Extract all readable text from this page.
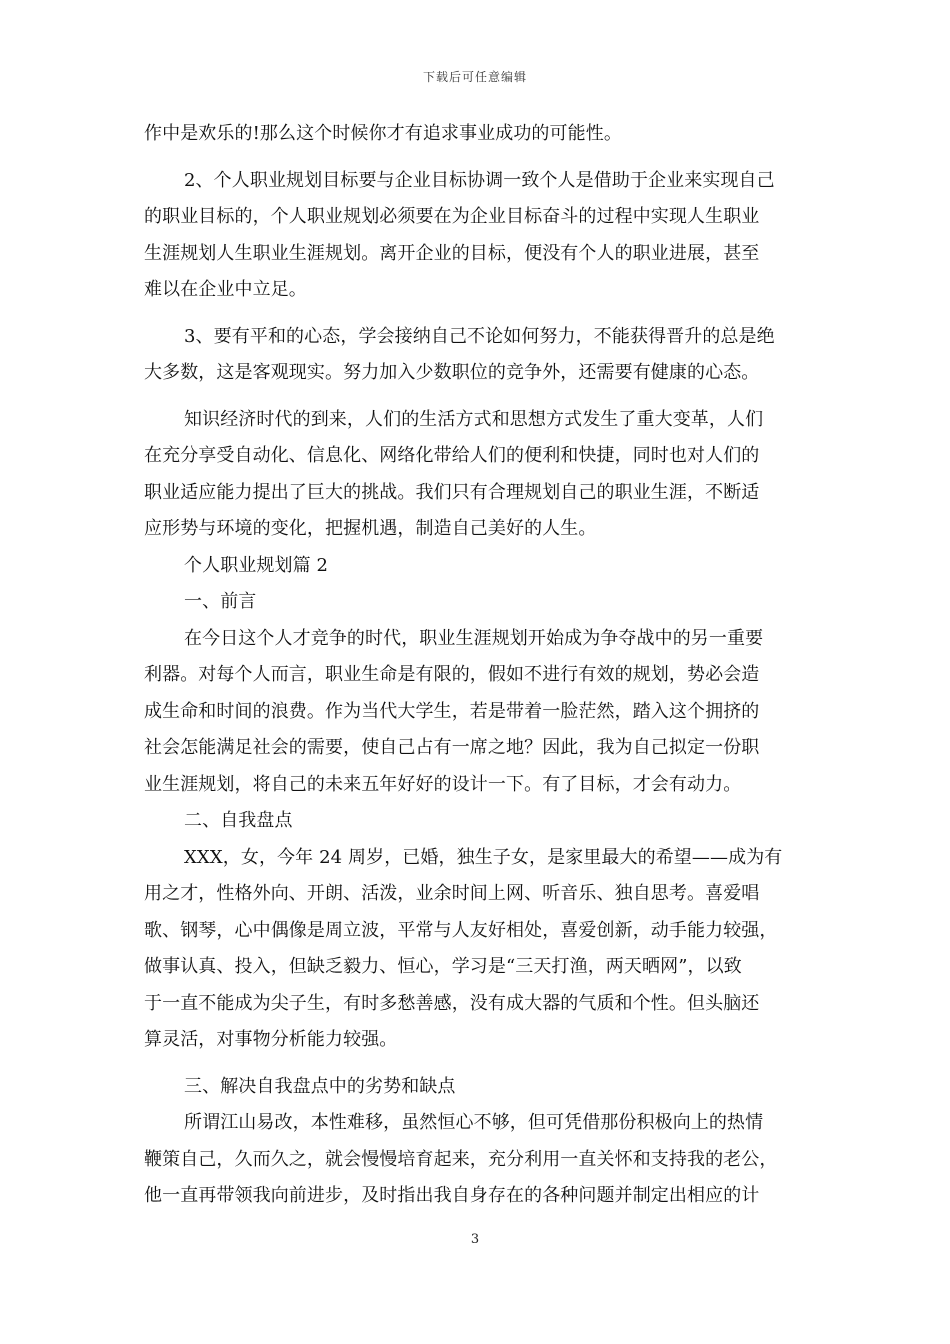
下载后可任意编辑
作中是欢乐的!那么这个时候你才有追求事业成功的可能性。
2、个人职业规划目标要与企业目标协调一致个人是借助于企业来实现自己
的职业目标的，个人职业规划必须要在为企业目标奋斗的过程中实现人生职业
生涯规划人生职业生涯规划。离开企业的目标，便没有个人的职业进展，甚至
难以在企业中立足。
3、要有平和的心态，学会接纳自己不论如何努力，不能获得晋升的总是绝
大多数，这是客观现实。努力加入少数职位的竞争外，还需要有健康的心态。
知识经济时代的到来，人们的生活方式和思想方式发生了重大变革，人们
在充分享受自动化、信息化、网络化带给人们的便利和快捷，同时也对人们的
职业适应能力提出了巨大的挑战。我们只有合理规划自己的职业生涯，不断适
应形势与环境的变化，把握机遇，制造自己美好的人生。
个人职业规划篇 2
一、前言
在今日这个人才竞争的时代，职业生涯规划开始成为争夺战中的另一重要
利器。对每个人而言，职业生命是有限的，假如不进行有效的规划，势必会造
成生命和时间的浪费。作为当代大学生，若是带着一脸茫然，踏入这个拥挤的
社会怎能满足社会的需要，使自己占有一席之地？因此，我为自己拟定一份职
业生涯规划，将自己的未来五年好好的设计一下。有了目标，才会有动力。
二、自我盘点
XXX，女，今年 24 周岁，已婚，独生子女，是家里最大的希望——成为有
用之才，性格外向、开朗、活泼，业余时间上网、听音乐、独自思考。喜爱唱
歌、钢琴，心中偶像是周立波，平常与人友好相处，喜爱创新，动手能力较强，
做事认真、投入，但缺乏毅力、恒心，学习是“三天打渔，两天晒网”，以致
于一直不能成为尖子生，有时多愁善感，没有成大器的气质和个性。但头脑还
算灵活，对事物分析能力较强。
三、解决自我盘点中的劣势和缺点
所谓江山易改，本性难移，虽然恒心不够，但可凭借那份积极向上的热情
鞭策自己，久而久之，就会慢慢培育起来，充分利用一直关怀和支持我的老公，
他一直再带领我向前进步，及时指出我自身存在的各种问题并制定出相应的计
3
